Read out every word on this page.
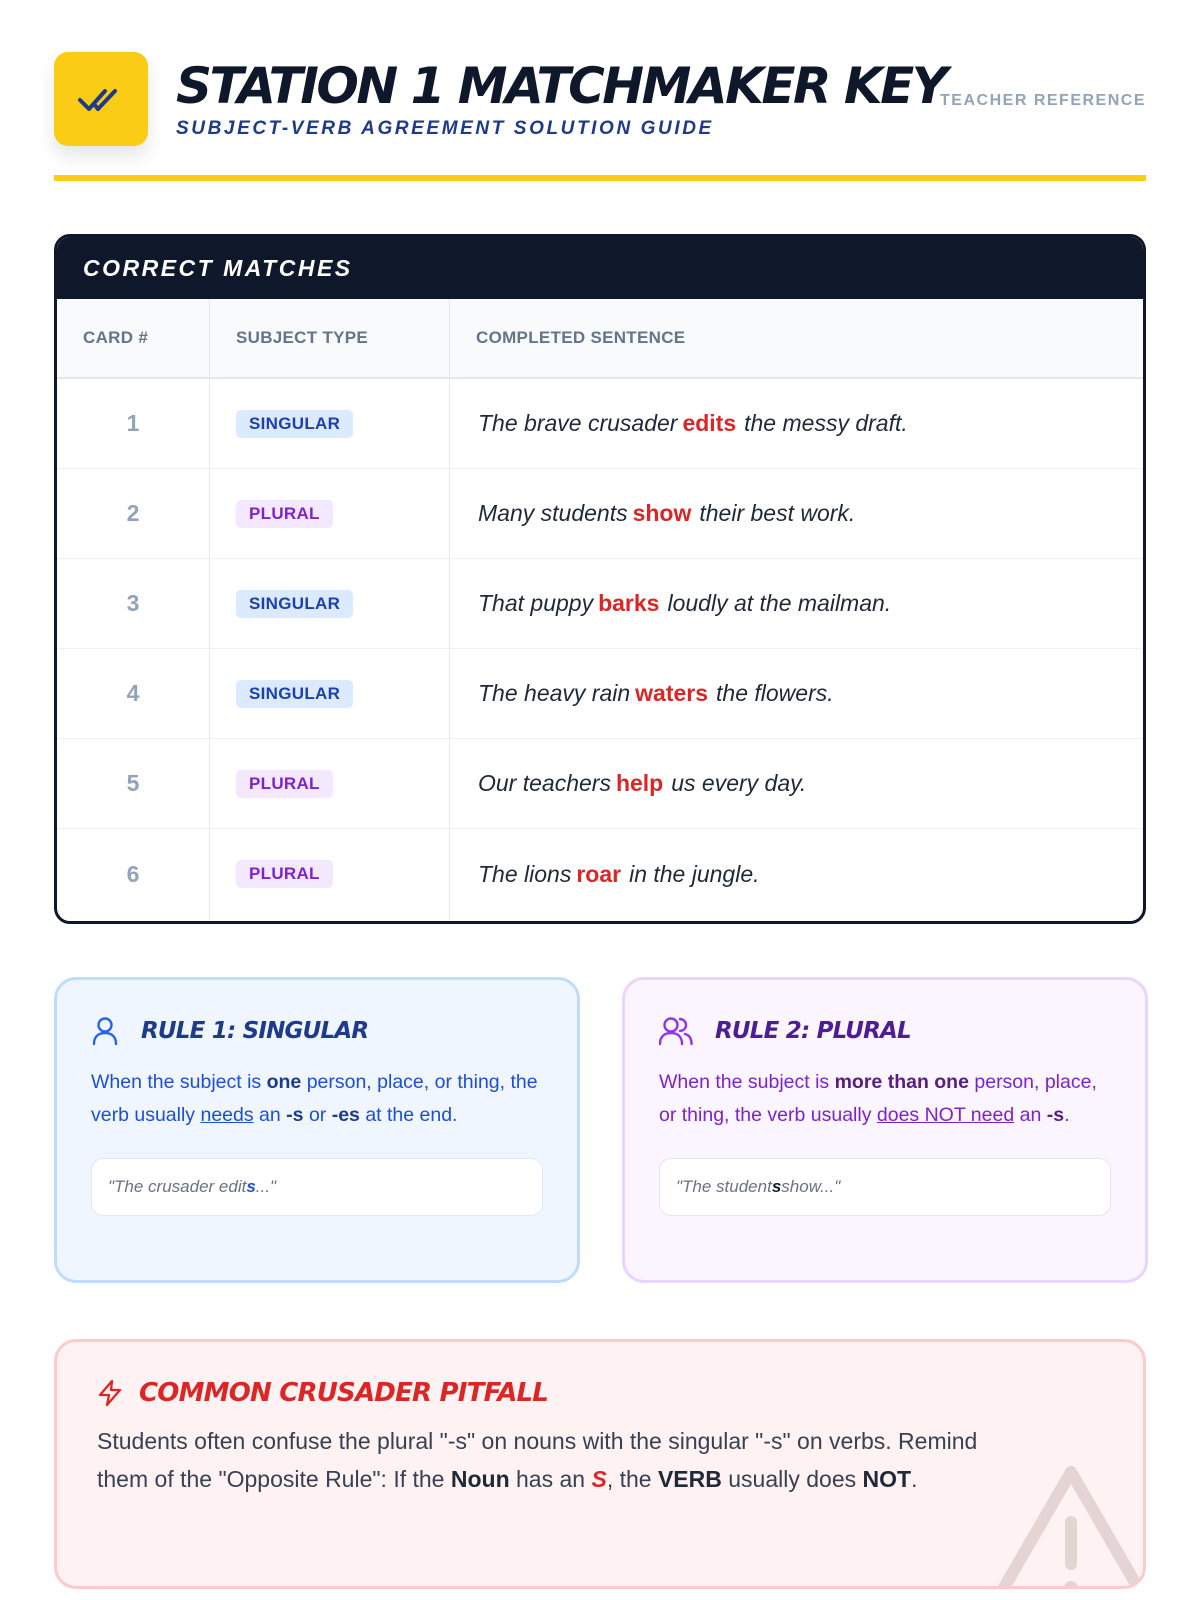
STATION 1 MATCHMAKER KEY
SUBJECT-VERB AGREEMENT SOLUTION GUIDE
TEACHER REFERENCE
CORRECT MATCHES
CARD #	SUBJECT TYPE	COMPLETED SENTENCE
1	SINGULAR	The brave crusader edits the messy draft.
2	PLURAL	Many students show their best work.
3	SINGULAR	That puppy barks loudly at the mailman.
4	SINGULAR	The heavy rain waters the flowers.
5	PLURAL	Our teachers help us every day.
6	PLURAL	The lions roar in the jungle.
RULE 1: SINGULAR
When the subject is one person, place, or thing, the verb usually needs an -s or -es at the end.
"The crusader edit s ..."
RULE 2: PLURAL
When the subject is more than one person, place, or thing, the verb usually does NOT need an -s.
"The student s show..."
COMMON CRUSADER PITFALL
Students often confuse the plural "-s" on nouns with the singular "-s" on verbs. Remind them of the "Opposite Rule": If the Noun has an S, the VERB usually does NOT.
